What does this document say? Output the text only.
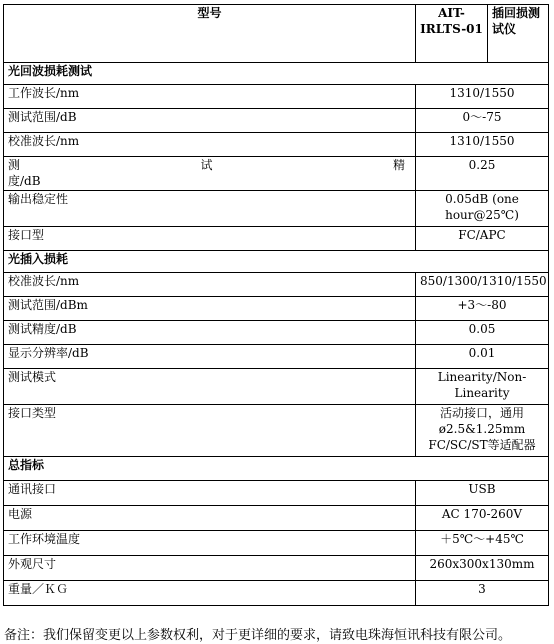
型号	AIT-IRLTS-01	插回损测试仪
光回波损耗测试		
工作波长/nm	1310/1550	
测试范围/dB	0～-75	
校准波长/nm	1310/1550	

测 试 精
度/dB	0.25	
输出稳定性	0.05dB (one hour@25℃)	
接口型	FC/APC	
光插入损耗		
校准波长/nm	850/1300/1310/1550	
测试范围/dBm	+3～-80	
测试精度/dB	0.05	
显示分辨率/dB	0.01	
测试模式	Linearity/Non-Linearity	
接口类型	活动接口，通用ø2.5&1.25mm FC/SC/ST等适配器	
总指标		
通讯接口	USB	
电源	AC 170-260V	
工作环境温度	＋5℃～+45℃	
外观尺寸	260x300x130mm	
重量／ＫＧ	3	
备注：我们保留变更以上参数权利，对于更详细的要求，请致电珠海恒讯科技有限公司。
